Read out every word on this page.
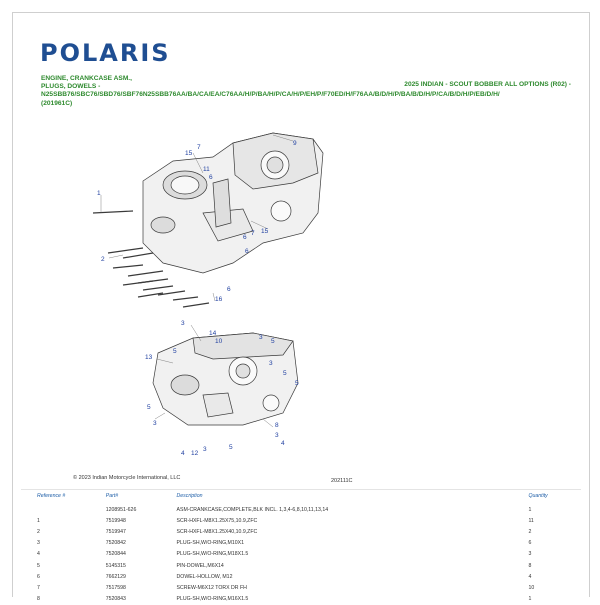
POLARIS
ENGINE, CRANKCASE ASM.,
PLUGS, DOWELS -
N25SBB76/SBC76/SBD76/SBF76N25SBB76AA/BA/CA/EA/C76AA/H/P/BA/H/P/CA/H/P/EH/P/F70ED/H/F76AA/B/D/H/P/BA/B/D/H/P/CA/B/D/H/P/EB/D/H/
(201961C)
2025 INDIAN - SCOUT BOBBER ALL OPTIONS (R02) -
1
2
15
7
11
6
9
6
7 15
6
6
16
13
3
5
14
10
3
5
3
5
5
3
5
8
3
4
4 12
3	5
© 2023 Indian Motorcycle International, LLC	202111C
Reference #	Part#	Description	Quantity
	1208951-626	ASM-CRANKCASE,COMPLETE,BLK INCL. 1,3,4-6,8,10,11,13,14	1
1	7519948	SCR-HXFL-M8X1.25X75,10.9,ZFC	11
2	7519947	SCR-HXFL-M8X1.25X40,10.9,ZFC	2
3	7520842	PLUG-SH,W/O-RING,M10X1	6
4	7520844	PLUG-SH,W/O-RING,M18X1.5	3
5	5145315	PIN-DOWEL,M6X14	8
6	7662129	DOWEL-HOLLOW, M12	4
7	7517598	SCREW-M6X12 TORX DR FH	10
8	7520843	PLUG-SH,W/O-RING,M16X1.5	1
